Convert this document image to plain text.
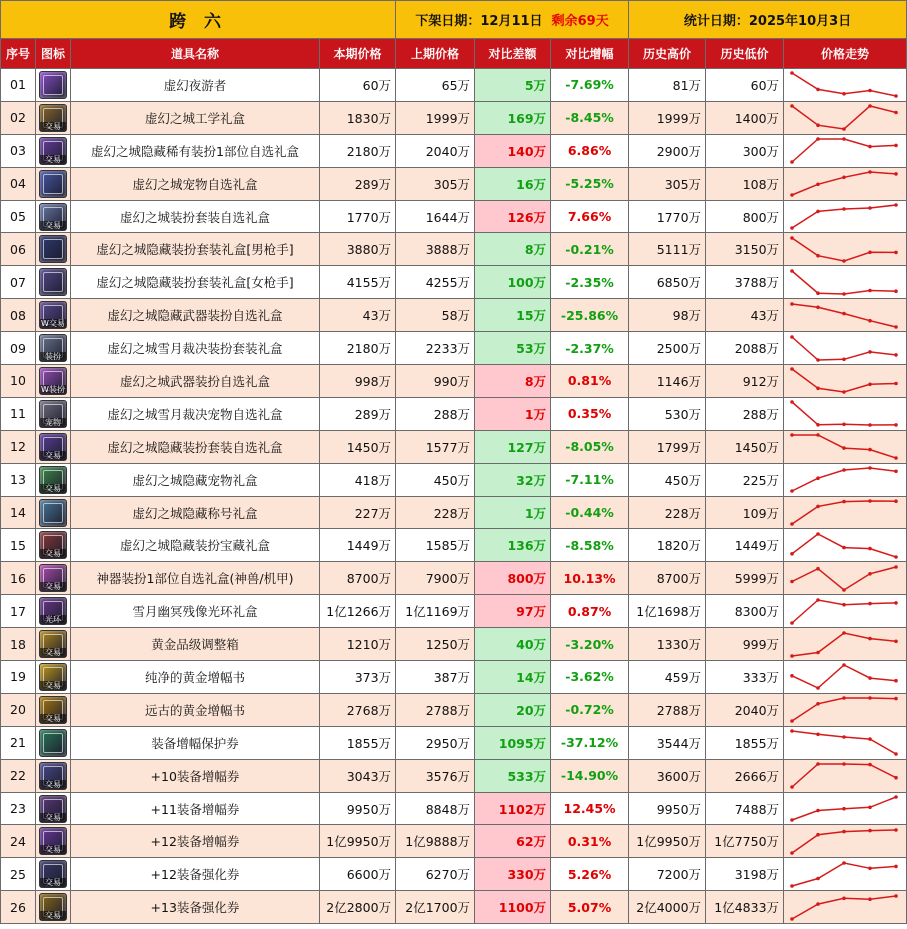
跨 六				下架日期：12月11日 剩余69天			统计日期：2025年10月3日		
序号	图标	道具名称	本期价格	上期价格	对比差额	对比增幅	历史高价	历史低价	价格走势
01		虚幻夜游者	60万	65万	5万	-7.69%	81万	60万	

02	交易	虚幻之城工学礼盒	1830万	1999万	169万	-8.45%	1999万	1400万	

03	交易	虚幻之城隐藏稀有装扮1部位自选礼盒	2180万	2040万	140万	6.86%	2900万	300万	

04		虚幻之城宠物自选礼盒	289万	305万	16万	-5.25%	305万	108万	

05	交易	虚幻之城装扮套装自选礼盒	1770万	1644万	126万	7.66%	1770万	800万	

06		虚幻之城隐藏装扮套装礼盒[男枪手]	3880万	3888万	8万	-0.21%	5111万	3150万	

07		虚幻之城隐藏装扮套装礼盒[女枪手]	4155万	4255万	100万	-2.35%	6850万	3788万	

08	W交易	虚幻之城隐藏武器装扮自选礼盒	43万	58万	15万	-25.86%	98万	43万	

09	装扮	虚幻之城雪月裁决装扮套装礼盒	2180万	2233万	53万	-2.37%	2500万	2088万	

10	W装扮	虚幻之城武器装扮自选礼盒	998万	990万	8万	0.81%	1146万	912万	

11	宠物	虚幻之城雪月裁决宠物自选礼盒	289万	288万	1万	0.35%	530万	288万	

12	交易	虚幻之城隐藏装扮套装自选礼盒	1450万	1577万	127万	-8.05%	1799万	1450万	

13	交易	虚幻之城隐藏宠物礼盒	418万	450万	32万	-7.11%	450万	225万	

14		虚幻之城隐藏称号礼盒	227万	228万	1万	-0.44%	228万	109万	

15	交易	虚幻之城隐藏装扮宝藏礼盒	1449万	1585万	136万	-8.58%	1820万	1449万	

16	交易	神器装扮1部位自选礼盒(神兽/机甲)	8700万	7900万	800万	10.13%	8700万	5999万	

17	光环	雪月幽冥残像光环礼盒	1亿1266万	1亿1169万	97万	0.87%	1亿1698万	8300万	

18	交易	黄金品级调整箱	1210万	1250万	40万	-3.20%	1330万	999万	

19	交易	纯净的黄金增幅书	373万	387万	14万	-3.62%	459万	333万	

20	交易	远古的黄金增幅书	2768万	2788万	20万	-0.72%	2788万	2040万	

21		装备增幅保护券	1855万	2950万	1095万	-37.12%	3544万	1855万	

22	交易	+10装备增幅券	3043万	3576万	533万	-14.90%	3600万	2666万	

23	交易	+11装备增幅券	9950万	8848万	1102万	12.45%	9950万	7488万	

24	交易	+12装备增幅券	1亿9950万	1亿9888万	62万	0.31%	1亿9950万	1亿7750万	

25	交易	+12装备强化券	6600万	6270万	330万	5.26%	7200万	3198万	

26	交易	+13装备强化券	2亿2800万	2亿1700万	1100万	5.07%	2亿4000万	1亿4833万	
